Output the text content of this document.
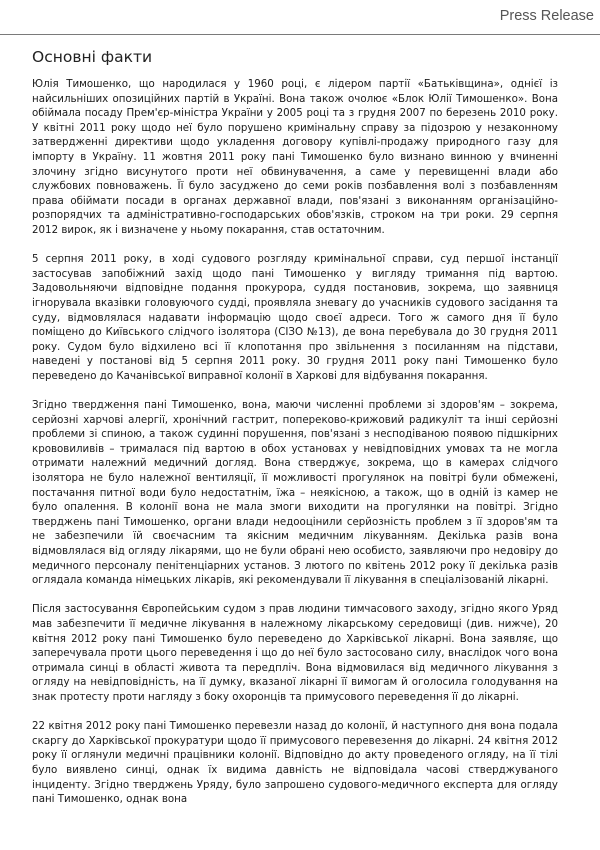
Press Release
Основні факти

Юлія Тимошенко, що народилася у 1960 році, є лідером партії «Батьківщина», однієї із найсильніших опозиційних партій в Україні. Вона також очолює «Блок Юлії Тимошенко». Вона обіймала посаду Прем'єр-міністра України у 2005 році та з грудня 2007 по березень 2010 року. У квітні 2011 року щодо неї було порушено кримінальну справу за підозрою у незаконному затвердженні директиви щодо укладення договору купівлі-продажу природного газу для імпорту в Україну. 11 жовтня 2011 року пані Тимошенко було визнано винною у вчиненні злочину згідно висунутого проти неї обвинувачення, а саме у перевищенні влади або службових повноважень. Її було засуджено до семи років позбавлення волі з позбавленням права обіймати посади в органах державної влади, пов'язані з виконанням організаційно-розпорядчих та адміністративно-господарських обов'язків, строком на три роки. 29 серпня 2012 вирок, як і визначене у ньому покарання, став остаточним.

5 серпня 2011 року, в ході судового розгляду кримінальної справи, суд першої інстанції застосував запобіжний захід щодо пані Тимошенко у вигляду тримання під вартою. Задовольняючи відповідне подання прокурора, суддя постановив, зокрема, що заявниця ігнорувала вказівки головуючого судді, проявляла зневагу до учасників судового засідання та суду, відмовлялася надавати інформацію щодо своєї адреси. Того ж самого дня її було поміщено до Київського слідчого ізолятора (СІЗО №13), де вона перебувала до 30 грудня 2011 року. Судом було відхилено всі її клопотання про звільнення з посиланням на підстави, наведені у постанові від 5 серпня 2011 року. 30 грудня 2011 року пані Тимошенко було переведено до Качанівської виправної колонії в Харкові для відбування покарання.

Згідно твердження пані Тимошенко, вона, маючи численні проблеми зі здоров'ям – зокрема, серйозні харчові алергії, хронічний гастрит, попереково-крижовий радикуліт та інші серйозні проблеми зі спиною, а також судинні порушення, пов'язані з несподіваною появою підшкірних крововиливів – трималася під вартою в обох установах у невідповідних умовах та не могла отримати належний медичний догляд. Вона стверджує, зокрема, що в камерах слідчого ізолятора не було належної вентиляції, її можливості прогулянок на повітрі були обмежені, постачання питної води було недостатнім, їжа – неякісною, а також, що в одній із камер не було опалення. В колонії вона не мала змоги виходити на прогулянки на повітрі. Згідно тверджень пані Тимошенко, органи влади недооцінили серйозність проблем з її здоров'ям та не забезпечили їй своєчасним та якісним медичним лікуванням. Декілька разів вона відмовлялася від огляду лікарями, що не були обрані нею особисто, заявляючи про недовіру до медичного персоналу пенітенціарних установ. З лютого по квітень 2012 року її декілька разів оглядала команда німецьких лікарів, які рекомендували її лікування в спеціалізованій лікарні.

Після застосування Європейським судом з прав людини тимчасового заходу, згідно якого Уряд мав забезпечити її медичне лікування в належному лікарському середовищі (див. нижче), 20 квітня 2012 року пані Тимошенко було переведено до Харківської лікарні. Вона заявляє, що заперечувала проти цього переведення і що до неї було застосовано силу, внаслідок чого вона отримала синці в області живота та передпліч. Вона відмовилася від медичного лікування з огляду на невідповідність, на її думку, вказаної лікарні її вимогам й оголосила голодування на знак протесту проти нагляду з боку охоронців та примусового переведення її до лікарні.

22 квітня 2012 року пані Тимошенко перевезли назад до колонії, й наступного дня вона подала скаргу до Харківської прокуратури щодо її примусового перевезення до лікарні. 24 квітня 2012 року її оглянули медичні працівники колонії. Відповідно до акту проведеного огляду, на її тілі було виявлено синці, однак їх видима давність не відповідала часові стверджуваного інциденту. Згідно тверджень Уряду, було запрошено судового-медичного експерта для огляду пані Тимошенко, однак вона
